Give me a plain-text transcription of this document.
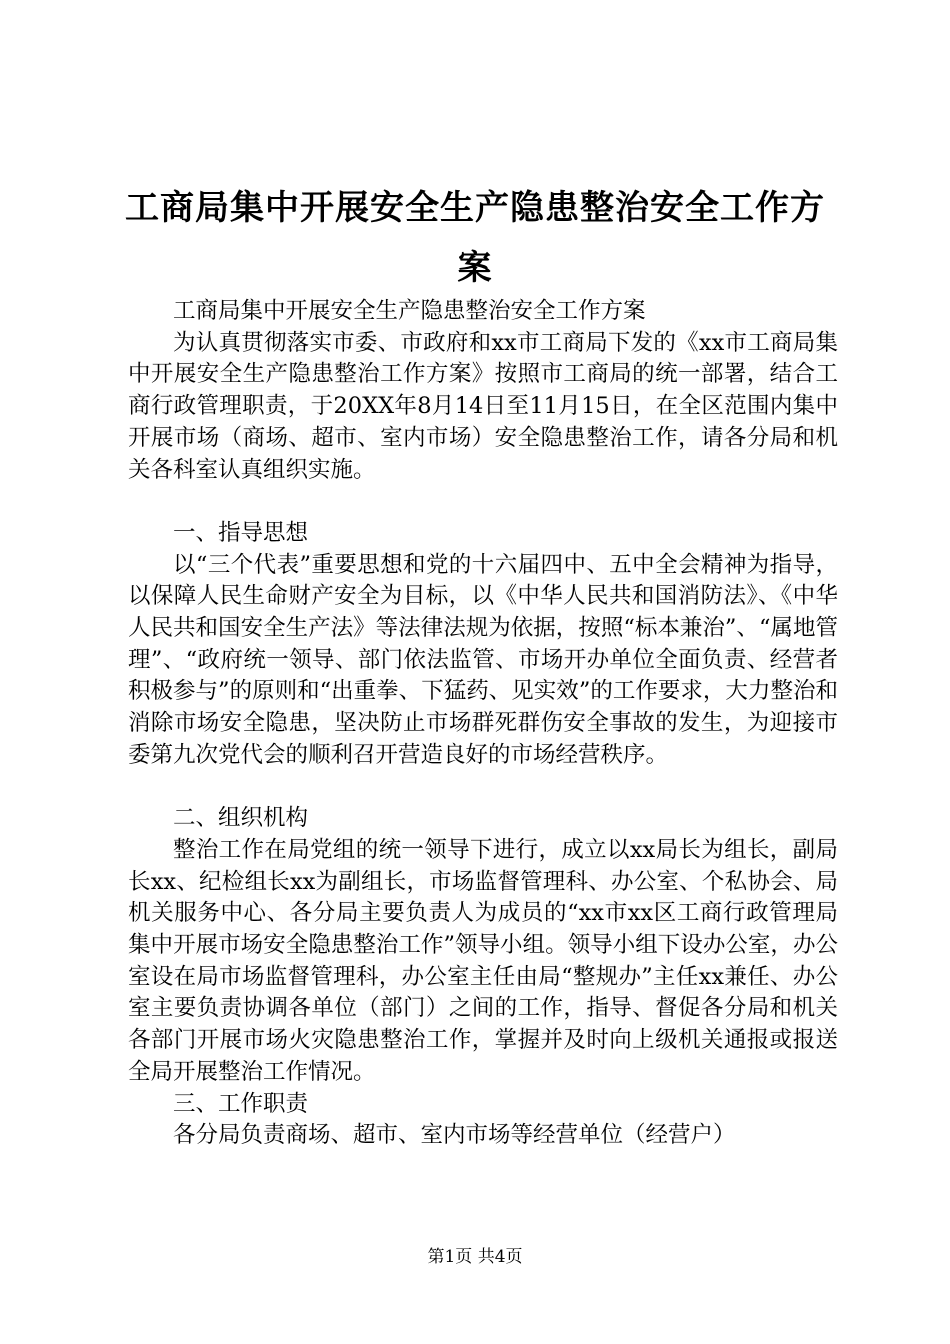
工商局集中开展安全生产隐患整治安全工作方案

工商局集中开展安全生产隐患整治安全工作方案

为认真贯彻落实市委、市政府和xx市工商局下发的《xx市工商局集中开展安全生产隐患整治工作方案》按照市工商局的统一部署，结合工商行政管理职责，于20XX年8月14日至11月15日，在全区范围内集中开展市场（商场、超市、室内市场）安全隐患整治工作，请各分局和机关各科室认真组织实施。

一、指导思想

以“三个代表”重要思想和党的十六届四中、五中全会精神为指导，以保障人民生命财产安全为目标，以《中华人民共和国消防法》、《中华人民共和国安全生产法》等法律法规为依据，按照“标本兼治”、“属地管理”、“政府统一领导、部门依法监管、市场开办单位全面负责、经营者积极参与”的原则和“出重拳、下猛药、见实效”的工作要求，大力整治和消除市场安全隐患，坚决防止市场群死群伤安全事故的发生，为迎接市委第九次党代会的顺利召开营造良好的市场经营秩序。

二、组织机构

整治工作在局党组的统一领导下进行，成立以xx局长为组长，副局长xx、纪检组长xx为副组长，市场监督管理科、办公室、个私协会、局机关服务中心、各分局主要负责人为成员的“xx市xx区工商行政管理局集中开展市场安全隐患整治工作”领导小组。领导小组下设办公室，办公室设在局市场监督管理科，办公室主任由局“整规办”主任xx兼任、办公室主要负责协调各单位（部门）之间的工作，指导、督促各分局和机关各部门开展市场火灾隐患整治工作，掌握并及时向上级机关通报或报送全局开展整治工作情况。

三、工作职责

各分局负责商场、超市、室内市场等经营单位（经营户）

第1页 共4页
